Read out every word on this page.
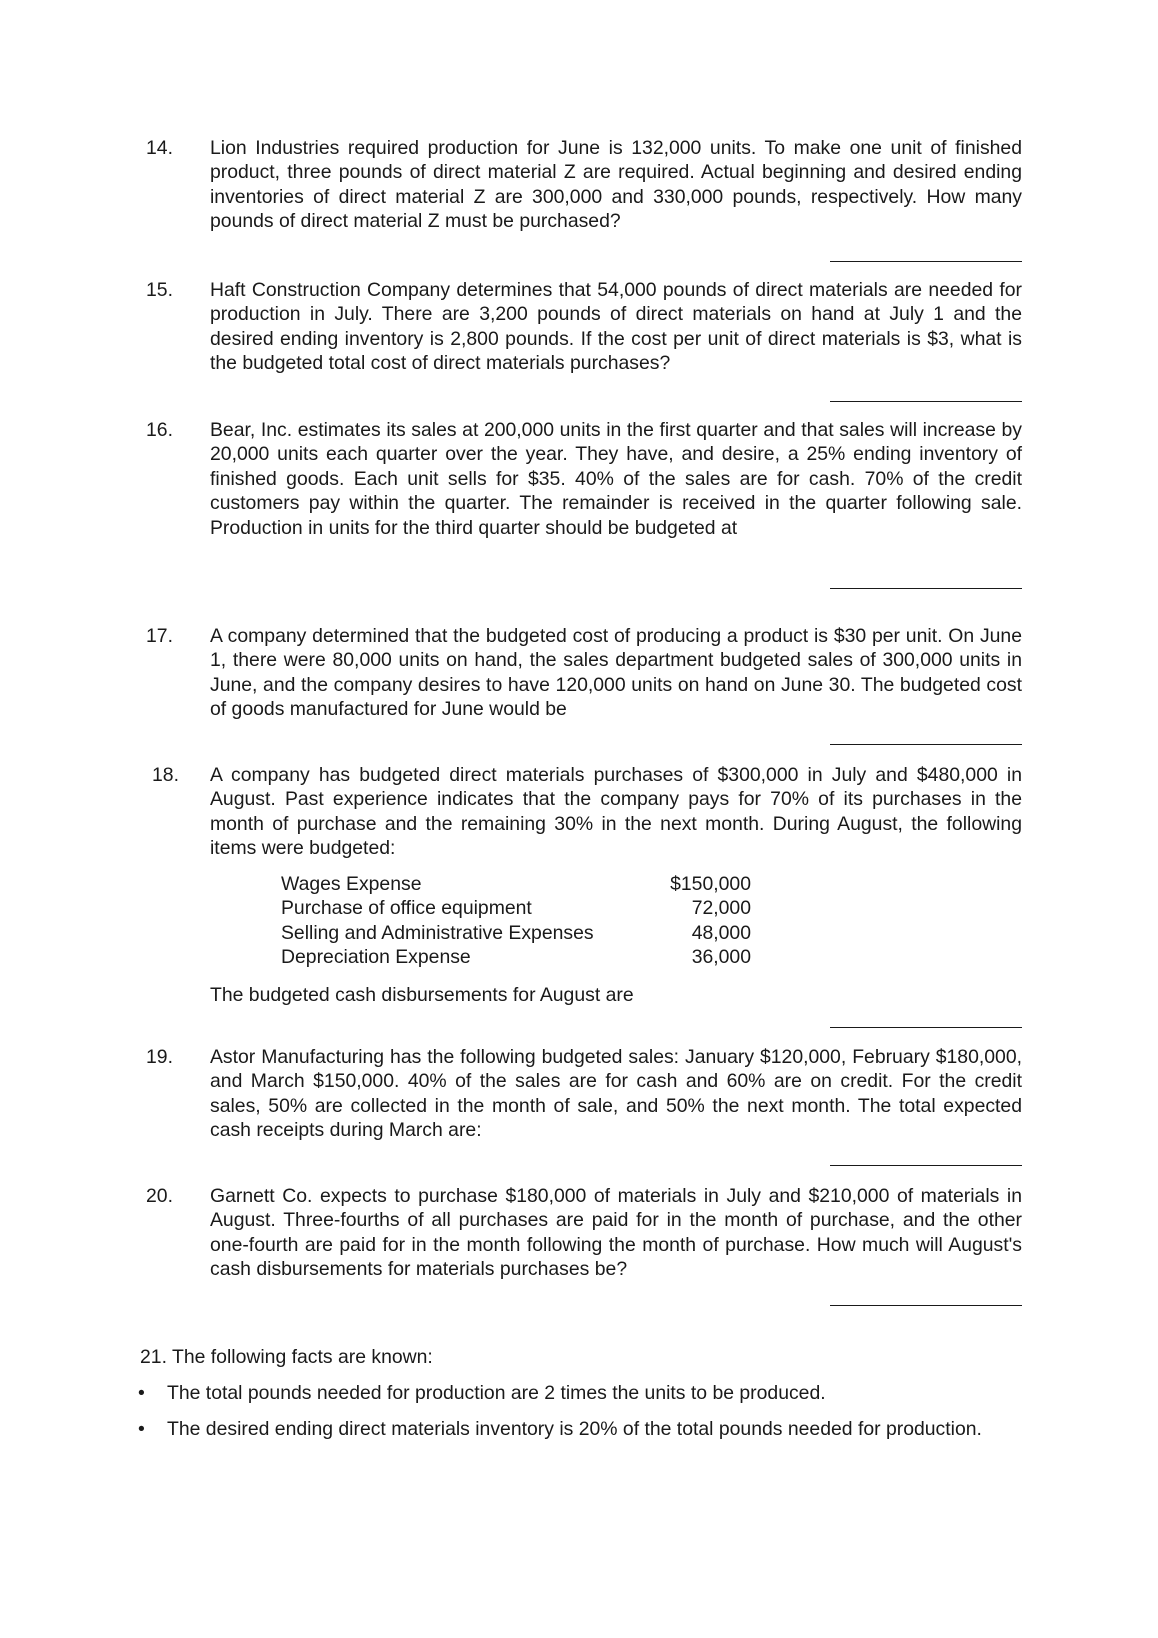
14. Lion Industries required production for June is 132,000 units. To make one unit of finished product, three pounds of direct material Z are required. Actual beginning and desired ending inventories of direct material Z are 300,000 and 330,000 pounds, respectively. How many pounds of direct material Z must be purchased?
15. Haft Construction Company determines that 54,000 pounds of direct materials are needed for production in July. There are 3,200 pounds of direct materials on hand at July 1 and the desired ending inventory is 2,800 pounds. If the cost per unit of direct materials is $3, what is the budgeted total cost of direct materials purchases?
16. Bear, Inc. estimates its sales at 200,000 units in the first quarter and that sales will increase by 20,000 units each quarter over the year. They have, and desire, a 25% ending inventory of finished goods. Each unit sells for $35. 40% of the sales are for cash. 70% of the credit customers pay within the quarter. The remainder is received in the quarter following sale. Production in units for the third quarter should be budgeted at
17. A company determined that the budgeted cost of producing a product is $30 per unit. On June 1, there were 80,000 units on hand, the sales department budgeted sales of 300,000 units in June, and the company desires to have 120,000 units on hand on June 30. The budgeted cost of goods manufactured for June would be
18. A company has budgeted direct materials purchases of $300,000 in July and $480,000 in August. Past experience indicates that the company pays for 70% of its purchases in the month of purchase and the remaining 30% in the next month. During August, the following items were budgeted:
Wages Expense	$150,000
Purchase of office equipment	72,000
Selling and Administrative Expenses	48,000
Depreciation Expense	36,000
The budgeted cash disbursements for August are
19. Astor Manufacturing has the following budgeted sales: January $120,000, February $180,000, and March $150,000. 40% of the sales are for cash and 60% are on credit. For the credit sales, 50% are collected in the month of sale, and 50% the next month. The total expected cash receipts during March are:
20. Garnett Co. expects to purchase $180,000 of materials in July and $210,000 of materials in August. Three-fourths of all purchases are paid for in the month of purchase, and the other one-fourth are paid for in the month following the month of purchase. How much will August's cash disbursements for materials purchases be?
21. The following facts are known:
• The total pounds needed for production are 2 times the units to be produced.
• The desired ending direct materials inventory is 20% of the total pounds needed for production.
